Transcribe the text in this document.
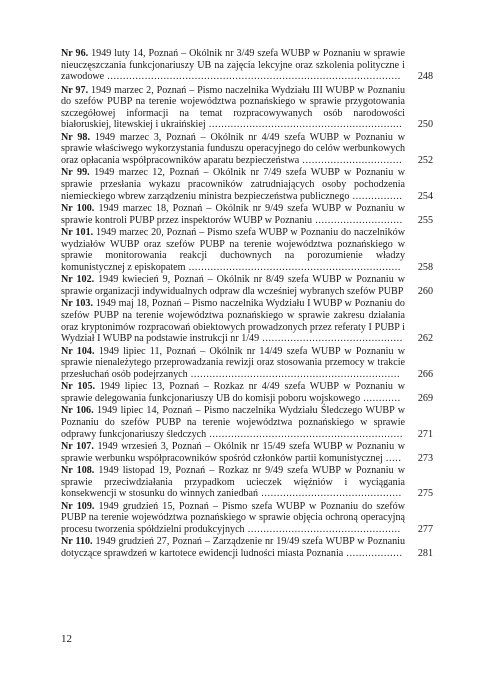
Nr 96. 1949 luty 14, Poznań – Okólnik nr 3/49 szefa WUBP w Poznaniu w sprawie nieuczęszczania funkcjonariuszy UB na zajęcia lekcyjne oraz szkolenia polityczne i zawodowe ..............................................................................................	248
Nr 97. 1949 marzec 2, Poznań – Pismo naczelnika Wydziału III WUBP w Poznaniu do szefów PUBP na terenie województwa poznańskiego w sprawie przygotowania szczegółowej informacji na temat rozpracowywanych osób narodowości białoruskiej, litewskiej i ukraińskiej ..............................................................	250
Nr 98. 1949 marzec 3, Poznań – Okólnik nr 4/49 szefa WUBP w Poznaniu w sprawie właściwego wykorzystania funduszu operacyjnego do celów werbunkowych oraz opłacania współpracowników aparatu bezpieczeństwa ................................	252
Nr 99. 1949 marzec 12, Poznań – Okólnik nr 7/49 szefa WUBP w Poznaniu w sprawie przesłania wykazu pracowników zatrudniających osoby pochodzenia niemieckiego wbrew zarządzeniu ministra bezpieczeństwa publicznego ................	254
Nr 100. 1949 marzec 18, Poznań – Okólnik nr 9/49 szefa WUBP w Poznaniu w sprawie kontroli PUBP przez inspektorów WUBP w Poznaniu ............................	255
Nr 101. 1949 marzec 20, Poznań – Pismo szefa WUBP w Poznaniu do naczelników wydziałów WUBP oraz szefów PUBP na terenie województwa poznańskiego w sprawie monitorowania reakcji duchownych na porozumienie władzy komunistycznej z episkopatem ....................................................................	258
Nr 102. 1949 kwiecień 9, Poznań – Okólnik nr 8/49 szefa WUBP w Poznaniu w sprawie organizacji indywidualnych odpraw dla wcześniej wybranych szefów PUBP	260
Nr 103. 1949 maj 18, Poznań – Pismo naczelnika Wydziału I WUBP w Poznaniu do szefów PUBP na terenie województwa poznańskiego w sprawie zakresu działania oraz kryptonimów rozpracowań obiektowych prowadzonych przez referaty I PUBP i Wydział I WUBP na podstawie instrukcji nr 1/49 .............................................	262
Nr 104. 1949 lipiec 11, Poznań – Okólnik nr 14/49 szefa WUBP w Poznaniu w sprawie nienależytego przeprowadzania rewizji oraz stosowania przemocy w trakcie przesłuchań osób podejrzanych ...................................................................	266
Nr 105. 1949 lipiec 13, Poznań – Rozkaz nr 4/49 szefa WUBP w Poznaniu w sprawie delegowania funkcjonariuszy UB do komisji poboru wojskowego ............	269
Nr 106. 1949 lipiec 14, Poznań – Pismo naczelnika Wydziału Śledczego WUBP w Poznaniu do szefów PUBP na terenie województwa poznańskiego w sprawie odprawy funkcjonariuszy śledczych ..............................................................	271
Nr 107. 1949 wrzesień 3, Poznań – Okólnik nr 15/49 szefa WUBP w Poznaniu w sprawie werbunku współpracowników spośród członków partii komunistycznej .....	273
Nr 108. 1949 listopad 19, Poznań – Rozkaz nr 9/49 szefa WUBP w Poznaniu w sprawie przeciwdziałania przypadkom ucieczek więźniów i wyciągania konsekwencji w stosunku do winnych zaniedbań .............................................	275
Nr 109. 1949 grudzień 15, Poznań – Pismo szefa WUBP w Poznaniu do szefów PUBP na terenie województwa poznańskiego w sprawie objęcia ochroną operacyjną procesu tworzenia spółdzielni produkcyjnych .................................................	277
Nr 110. 1949 grudzień 27, Poznań – Zarządzenie nr 19/49 szefa WUBP w Poznaniu dotyczące sprawdzeń w kartotece ewidencji ludności miasta Poznania ..................	281
12
